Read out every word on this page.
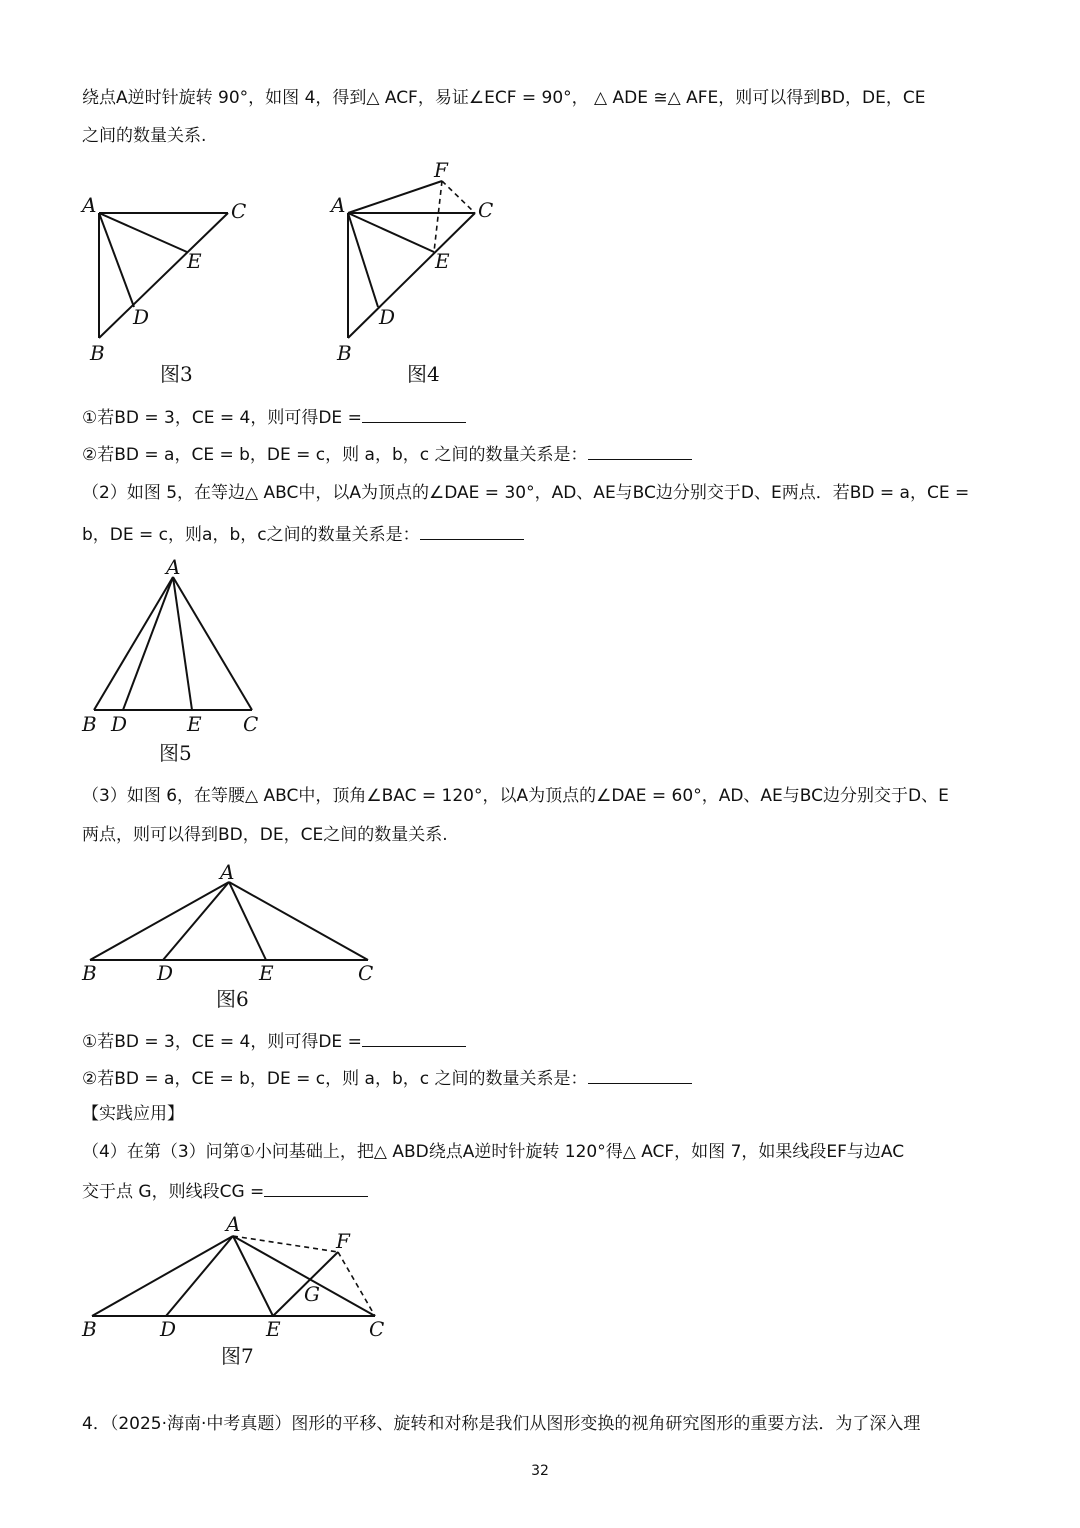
绕点A逆时针旋转 90°，如图 4，得到△ ACF，易证∠ECF = 90°， △ ADE ≅△ AFE，则可以得到BD，DE，CE
之间的数量关系.
A	C
E
D
B
图3
F
A	C
E
D
B
图4
①若BD = 3，CE = 4，则可得DE =
②若BD = a，CE = b，DE = c，则 a，b，c 之间的数量关系是：
（2）如图 5，在等边△ ABC中，以A为顶点的∠DAE = 30°，AD、AE与BC边分别交于D、E两点．若BD = a，CE =
b，DE = c，则a，b，c之间的数量关系是：
A
B D	E C
图5
（3）如图 6，在等腰△ ABC中，顶角∠BAC = 120°，以A为顶点的∠DAE = 60°，AD、AE与BC边分别交于D、E
两点，则可以得到BD，DE，CE之间的数量关系.
A
B	D	E	C
图6
①若BD = 3，CE = 4，则可得DE =
②若BD = a，CE = b，DE = c，则 a，b，c 之间的数量关系是：
【实践应用】
（4）在第（3）问第①小问基础上，把△ ABD绕点A逆时针旋转 120°得△ ACF，如图 7，如果线段EF与边AC
交于点 G，则线段CG =
A
F
G
B	D	E	C
图7
4．（2025·海南·中考真题）图形的平移、旋转和对称是我们从图形变换的视角研究图形的重要方法．为了深入理
32
